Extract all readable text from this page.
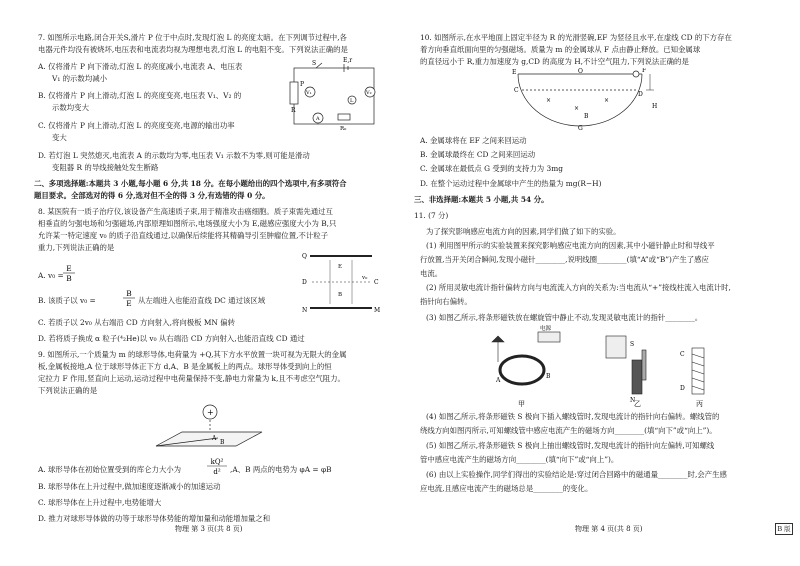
7. 如图所示电路,闭合开关S,滑片 P 位于中点时,发现灯泡 L 的亮度太暗。在下列调节过程中,各
电器元件均没有被烧坏,电压表和电流表均视为理想电表,灯泡 L 的电阻不变。下列说法正确的是
A. 仅将滑片 P 向下滑动,灯泡 L 的亮度减小,电流表 A、电压表
V₁ 的示数均减小
B. 仅将滑片 P 向上滑动,灯泡 L 的亮度变亮,电压表 V₁、V₂ 的
示数均变大
C. 仅将滑片 P 向上滑动,灯泡 L 的亮度变亮,电源的输出功率
变大
D. 若灯泡 L 突然熄灭,电流表 A 的示数均为零,电压表 V₁ 示数不为零,则可能是滑动
变阻器 R 的导线接触处发生断路
二、多项选择题:本题共 3 小题,每小题 6 分,共 18 分。在每小题给出的四个选项中,有多项符合
题目要求。全部选对的得 6 分,选对但不全的得 3 分,有选错的得 0 分。
8. 某医院有一质子治疗仪,该设备产生高速质子束,用于精准攻击癌细胞。质子束需先通过互
相垂直的匀强电场和匀强磁场,内部原理如图所示,电场强度大小为 E,磁感应强度大小为 B,只
允许某一特定速度 v₀ 的质子沿直线通过,以确保后续能将其精确导引至肿瘤位置,不计粒子
重力,下列说法正确的是
A. v₀ =
B. 该质子以 v₀ =	从左端进入也能沿直线 DC 通过该区域
C. 若质子以 2v₀ 从右端沿 CD 方向射入,将向极板 MN 偏转
D. 若将质子换成 α 粒子(⁴₂He)以 v₀ 从右端沿 CD 方向射入,也能沿直线 CD 通过
9. 如图所示,一个质量为 m 的球形导体,电荷量为 +Q,其下方水平放置一块可视为无限大的金属
板,金属板接地,A 位于球形导体正下方 d,A、B 是金属板上的两点。球形导体受到向上的恒
定拉力 F 作用,竖直向上运动,运动过程中电荷量保持不变,静电力常量为 k,且不考虑空气阻力。
下列说法正确的是
A. 球形导体在初始位置受到的库仑力大小为	,A、B 两点的电势为 φA = φB
B. 球形导体在上升过程中,做加速度逐渐减小的加速运动
C. 球形导体在上升过程中,电势能增大
D. 推力对球形导体做的功等于球形导体势能的增加量和动能增加量之和
E
B
B
E
kQ²
d²
S	E,r
P
R
V₁	V₂
L
A
R₀
Q
D
v₀
C
E
B
N	M
+
A
B
物理 第 3 页(共 8 页)
10. 如图所示,在水平地面上固定半径为 R 的光滑竖碗,EF 为竖径且水平,在虚线 CD 的下方存在
着方向垂直纸面向里的匀强磁场。质量为 m 的金属球从 F 点由静止释放。已知金属球
的直径远小于 R,重力加速度为 g,CD 的高度为 H,不计空气阻力,下列说法正确的是
A. 金属球将在 EF 之间来回运动
B. 金属球最终在 CD 之间来回运动
C. 金属球在最低点 G 受到的支持力为 3mg
D. 在整个运动过程中金属球中产生的热量为 mg(R−H)
三、非选择题:本题共 5 小题,共 54 分。
11. (7 分)
为了探究影响感应电流方向的因素,同学们做了如下的实验。
(1) 利用图甲所示的实验装置来探究影响感应电流方向的因素,其中小磁针静止时和导线平
行放置,当开关闭合瞬间,发现小磁针________,说明线圈________(填“A”或“B”)产生了感应
电流。
(2) 所用灵敏电流计指针偏转方向与电流流入方向的关系为:当电流从“+”接线柱流入电流计时,
指针向右偏转。
(3) 如图乙所示,将条形磁铁放在螺旋管中静止不动,发现灵敏电流计的指针________。
(4) 如图乙所示,将条形磁铁 S 极向下插入螺线管时,发现电流计的指针向右偏转。螺线管的
绕线方向如图丙所示,可知螺线管中感应电流产生的磁场方向________(填“向下”或“向上”)。
(5) 如图乙所示,将条形磁铁 S 极向上抽出螺线管时,发现电流计的指针向左偏转,可知螺线
管中感应电流产生的磁场方向________(填“向下”或“向上”)。
(6) 由以上实验操作,同学们得出的实验结论是:穿过闭合回路中的磁通量________时,会产生感
应电流,且感应电流产生的磁场总是________的变化。
E	O	F
C
D
H
G
B
×	×
×
电源
A
B
S
N
C
D
甲	乙	丙
物理 第 4 页(共 8 页)	B 版
